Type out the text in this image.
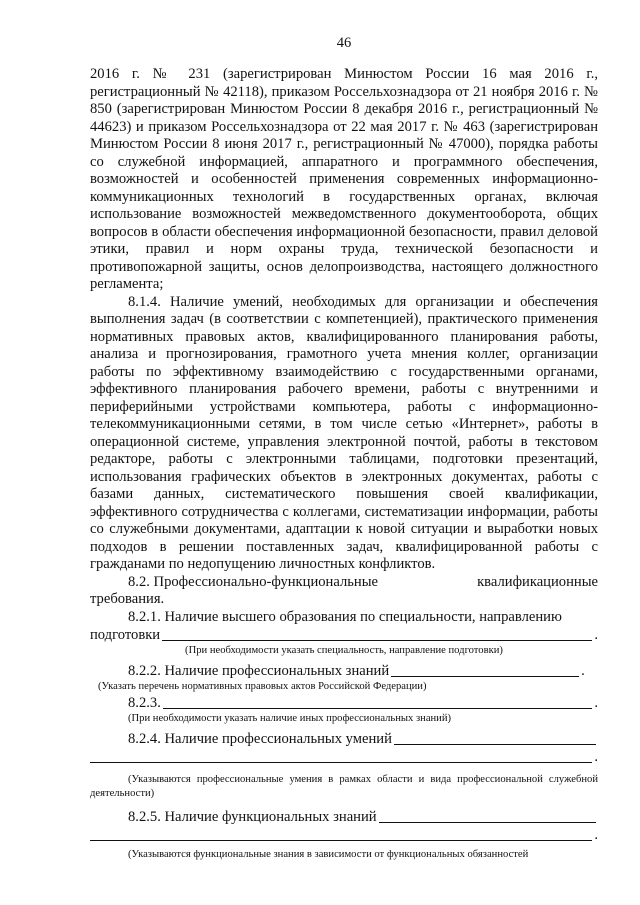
46

2016 г. № 231 (зарегистрирован Минюстом России 16 мая 2016 г., регистрационный № 42118), приказом Россельхознадзора от 21 ноября 2016 г. № 850 (зарегистрирован Минюстом России 8 декабря 2016 г., регистрационный № 44623) и приказом Россельхознадзора от 22 мая 2017 г. № 463 (зарегистрирован Минюстом России 8 июня 2017 г., регистрационный № 47000), порядка работы со служебной информацией, аппаратного и программного обеспечения, возможностей и особенностей применения современных информационно-коммуникационных технологий в государственных органах, включая использование возможностей межведомственного документооборота, общих вопросов в области обеспечения информационной безопасности, правил деловой этики, правил и норм охраны труда, технической безопасности и противопожарной защиты, основ делопроизводства, настоящего должностного регламента;

8.1.4. Наличие умений, необходимых для организации и обеспечения выполнения задач (в соответствии с компетенцией), практического применения нормативных правовых актов, квалифицированного планирования работы, анализа и прогнозирования, грамотного учета мнения коллег, организации работы по эффективному взаимодействию с государственными органами, эффективного планирования рабочего времени, работы с внутренними и периферийными устройствами компьютера, работы с информационно-телекоммуникационными сетями, в том числе сетью «Интернет», работы в операционной системе, управления электронной почтой, работы в текстовом редакторе, работы с электронными таблицами, подготовки презентаций, использования графических объектов в электронных документах, работы с базами данных, систематического повышения своей квалификации, эффективного сотрудничества с коллегами, систематизации информации, работы со служебными документами, адаптации к новой ситуации и выработки новых подходов в решении поставленных задач, квалифицированной работы с гражданами по недопущению личностных конфликтов.

8.2. Профессионально-функциональные	квалификационные

требования.

8.2.1. Наличие высшего образования по специальности, направлению

подготовки	.

(При необходимости указать специальность, направление подготовки)

8.2.2. Наличие профессиональных знаний	.

(Указать перечень нормативных правовых актов Российской Федерации)

8.2.3.	.

(При необходимости указать наличие иных профессиональных знаний)

8.2.4. Наличие профессиональных умений
.

(Указываются профессиональные умения в рамках области и вида профессиональной служебной деятельности)

8.2.5. Наличие функциональных знаний
.

(Указываются функциональные знания в зависимости от функциональных обязанностей
